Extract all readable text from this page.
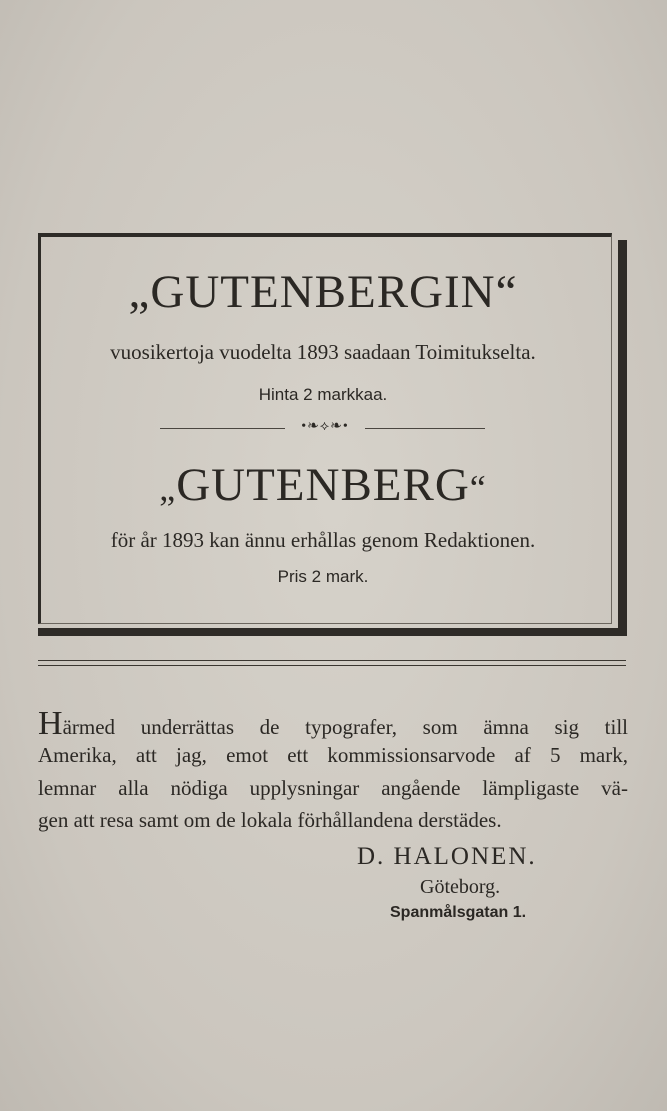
„GUTENBERGIN“
vuosikertoja vuodelta 1893 saadaan Toimitukselta.
Hinta 2 markkaa.
•❧⟡❧•
„GUTENBERG“
för år 1893 kan ännu erhållas genom Redaktionen.
Pris 2 mark.
Härmed underrättas de typografer, som ämna sig till
Amerika, att jag, emot ett kommissionsarvode af 5 mark,
lemnar alla nödiga upplysningar angående lämpligaste vä-
gen att resa samt om de lokala förhållandena derstädes.
D. HALONEN.
Göteborg.
Spanmålsgatan 1.
